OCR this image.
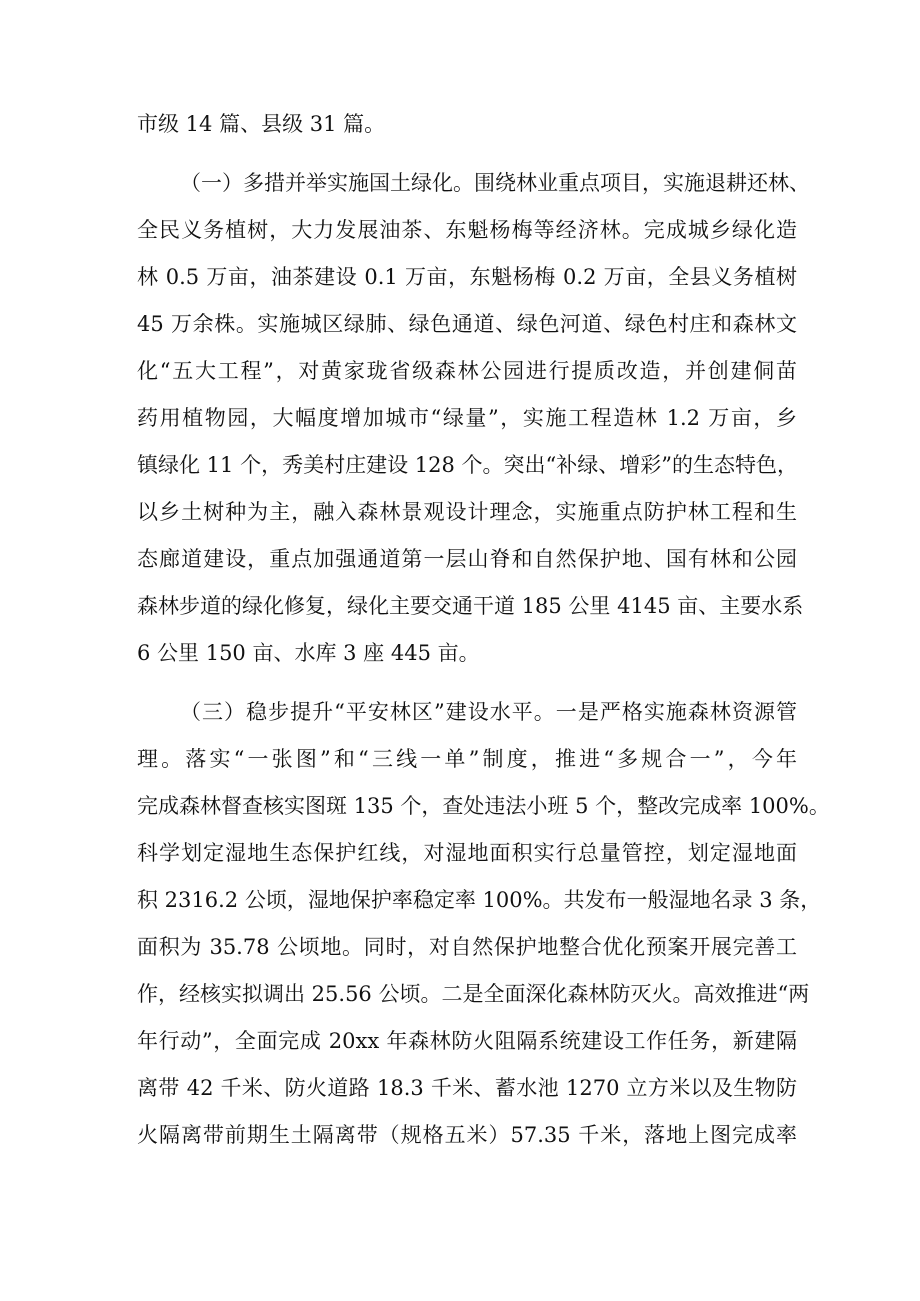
市级 14 篇、县级 31 篇。
（一）多措并举实施国土绿化。围绕林业重点项目，实施退耕还林、
全民义务植树，大力发展油茶、东魁杨梅等经济林。完成城乡绿化造
林 0.5 万亩，油茶建设 0.1 万亩，东魁杨梅 0.2 万亩，全县义务植树
45 万余株。实施城区绿肺、绿色通道、绿色河道、绿色村庄和森林文
化“五大工程”，对黄家珑省级森林公园进行提质改造，并创建侗苗
药用植物园，大幅度增加城市“绿量”，实施工程造林 1.2 万亩，乡
镇绿化 11 个，秀美村庄建设 128 个。突出“补绿、增彩”的生态特色，
以乡土树种为主，融入森林景观设计理念，实施重点防护林工程和生
态廊道建设，重点加强通道第一层山脊和自然保护地、国有林和公园
森林步道的绿化修复，绿化主要交通干道 185 公里 4145 亩、主要水系
6 公里 150 亩、水库 3 座 445 亩。
（三）稳步提升“平安林区”建设水平。一是严格实施森林资源管
理。落实“一张图”和“三线一单”制度，推进“多规合一”，今年
完成森林督查核实图斑 135 个，查处违法小班 5 个，整改完成率 100%。
科学划定湿地生态保护红线，对湿地面积实行总量管控，划定湿地面
积 2316.2 公顷，湿地保护率稳定率 100%。共发布一般湿地名录 3 条，
面积为 35.78 公顷地。同时，对自然保护地整合优化预案开展完善工
作，经核实拟调出 25.56 公顷。二是全面深化森林防灭火。高效推进“两
年行动”，全面完成 20xx 年森林防火阻隔系统建设工作任务，新建隔
离带 42 千米、防火道路 18.3 千米、蓄水池 1270 立方米以及生物防
火隔离带前期生土隔离带（规格五米）57.35 千米，落地上图完成率
